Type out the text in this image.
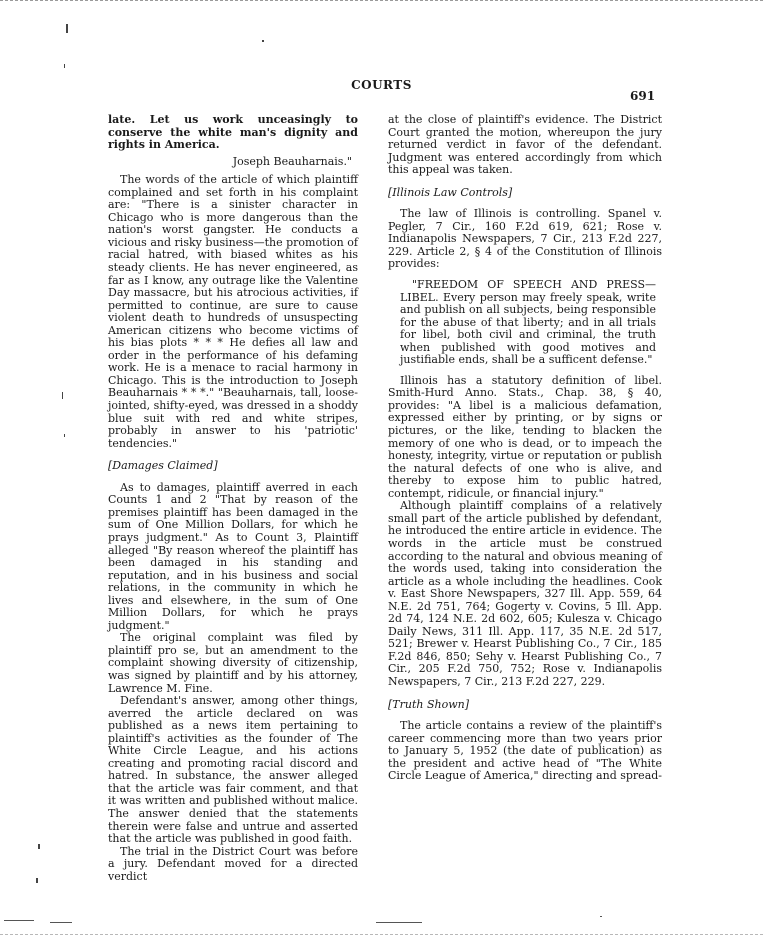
COURTS
691

late. Let us work unceasingly to conserve the white man's dignity and rights in America.

Joseph Beauharnais."

The words of the article of which plaintiff complained and set forth in his complaint are: "There is a sinister character in Chicago who is more dangerous than the nation's worst gangster. He conducts a vicious and risky business—the promotion of racial hatred, with biased whites as his steady clients. He has never engineered, as far as I know, any outrage like the Valentine Day massacre, but his atrocious activities, if permitted to continue, are sure to cause violent death to hundreds of unsuspecting American citizens who become victims of his bias plots * * * He defies all law and order in the performance of his defaming work. He is a menace to racial harmony in Chicago. This is the introduction to Joseph Beauharnais * * *." "Beauharnais, tall, loose-jointed, shifty-eyed, was dressed in a shoddy blue suit with red and white stripes, probably in answer to his 'patriotic' tendencies."

[Damages Claimed]

As to damages, plaintiff averred in each Counts 1 and 2 "That by reason of the premises plaintiff has been damaged in the sum of One Million Dollars, for which he prays judgment." As to Count 3, Plaintiff alleged "By reason whereof the plaintiff has been damaged in his standing and reputation, and in his business and social relations, in the community in which he lives and elsewhere, in the sum of One Million Dollars, for which he prays judgment."

The original complaint was filed by plaintiff pro se, but an amendment to the complaint showing diversity of citizenship, was signed by plaintiff and by his attorney, Lawrence M. Fine.

Defendant's answer, among other things, averred the article declared on was published as a news item pertaining to plaintiff's activities as the founder of The White Circle League, and his actions creating and promoting racial discord and hatred. In substance, the answer alleged that the article was fair comment, and that it was written and published without malice. The answer denied that the statements therein were false and untrue and asserted that the article was published in good faith.

The trial in the District Court was before a jury. Defendant moved for a directed verdict

at the close of plaintiff's evidence. The District Court granted the motion, whereupon the jury returned verdict in favor of the defendant. Judgment was entered accordingly from which this appeal was taken.

[Illinois Law Controls]

The law of Illinois is controlling. Spanel v. Pegler, 7 Cir., 160 F.2d 619, 621; Rose v. Indianapolis Newspapers, 7 Cir., 213 F.2d 227, 229. Article 2, § 4 of the Constitution of Illinois provides:

"FREEDOM OF SPEECH AND PRESS—LIBEL. Every person may freely speak, write and publish on all subjects, being responsible for the abuse of that liberty; and in all trials for libel, both civil and criminal, the truth when published with good motives and justifiable ends, shall be a sufficent defense."

Illinois has a statutory definition of libel. Smith-Hurd Anno. Stats., Chap. 38, § 40, provides: "A libel is a malicious defamation, expressed either by printing, or by signs or pictures, or the like, tending to blacken the memory of one who is dead, or to impeach the honesty, integrity, virtue or reputation or publish the natural defects of one who is alive, and thereby to expose him to public hatred, contempt, ridicule, or financial injury."

Although plaintiff complains of a relatively small part of the article published by defendant, he introduced the entire article in evidence. The words in the article must be construed according to the natural and obvious meaning of the words used, taking into consideration the article as a whole including the headlines. Cook v. East Shore Newspapers, 327 Ill. App. 559, 64 N.E. 2d 751, 764; Gogerty v. Covins, 5 Ill. App. 2d 74, 124 N.E. 2d 602, 605; Kulesza v. Chicago Daily News, 311 Ill. App. 117, 35 N.E. 2d 517, 521; Brewer v. Hearst Publishing Co., 7 Cir., 185 F.2d 846, 850; Sehy v. Hearst Publishing Co., 7 Cir., 205 F.2d 750, 752; Rose v. Indianapolis Newspapers, 7 Cir., 213 F.2d 227, 229.

[Truth Shown]

The article contains a review of the plaintiff's career commencing more than two years prior to January 5, 1952 (the date of publication) as the president and active head of "The White Circle League of America," directing and spread-
